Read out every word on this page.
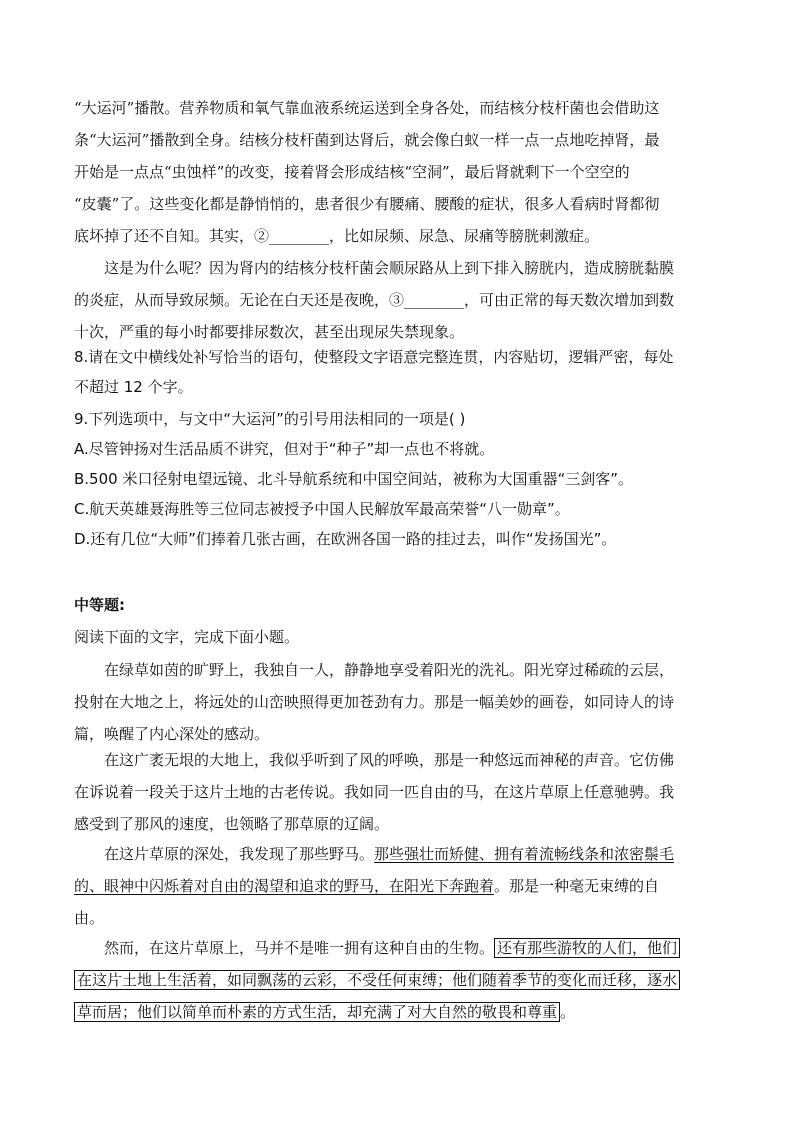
“大运河”播散。营养物质和氧气靠血液系统运送到全身各处，而结核分枝杆菌也会借助这
条“大运河”播散到全身。结核分枝杆菌到达肾后，就会像白蚁一样一点一点地吃掉肾，最
开始是一点点“虫蚀样”的改变，接着肾会形成结核“空洞”，最后肾就剩下一个空空的
“皮囊”了。这些变化都是静悄悄的，患者很少有腰痛、腰酸的症状，很多人看病时肾都彻
底坏掉了还不自知。其实，②________，比如尿频、尿急、尿痛等膀胱刺激症。
这是为什么呢？因为肾内的结核分枝杆菌会顺尿路从上到下排入膀胱内，造成膀胱黏膜
的炎症，从而导致尿频。无论在白天还是夜晚，③________，可由正常的每天数次增加到数
十次，严重的每小时都要排尿数次，甚至出现尿失禁现象。
8.请在文中横线处补写恰当的语句，使整段文字语意完整连贯，内容贴切，逻辑严密，每处
不超过 12 个字。
9.下列选项中，与文中“大运河”的引号用法相同的一项是( )
A.尽管钟扬对生活品质不讲究，但对于“种子”却一点也不将就。
B.500 米口径射电望远镜、北斗导航系统和中国空间站，被称为大国重器“三剑客”。
C.航天英雄聂海胜等三位同志被授予中国人民解放军最高荣誉“八一勋章”。
D.还有几位“大师”们捧着几张古画，在欧洲各国一路的挂过去，叫作“发扬国光”。
中等题:
阅读下面的文字，完成下面小题。
在绿草如茵的旷野上，我独自一人，静静地享受着阳光的洗礼。阳光穿过稀疏的云层，
投射在大地之上，将远处的山峦映照得更加苍劲有力。那是一幅美妙的画卷，如同诗人的诗
篇，唤醒了内心深处的感动。
在这广袤无垠的大地上，我似乎听到了风的呼唤，那是一种悠远而神秘的声音。它仿佛
在诉说着一段关于这片土地的古老传说。我如同一匹自由的马，在这片草原上任意驰骋。我
感受到了那风的速度，也领略了那草原的辽阔。
在这片草原的深处，我发现了那些野马。那些强壮而矫健、拥有着流畅线条和浓密鬃毛
的、眼神中闪烁着对自由的渴望和追求的野马，在阳光下奔跑着。那是一种毫无束缚的自
由。
然而，在这片草原上，马并不是唯一拥有这种自由的生物。 还有那些游牧的人们，他们
在这片土地上生活着，如同飘荡的云彩，不受任何束缚；他们随着季节的变化而迁移，逐水
草而居；他们以简单而朴素的方式生活，却充满了对大自然的敬畏和尊重 。
